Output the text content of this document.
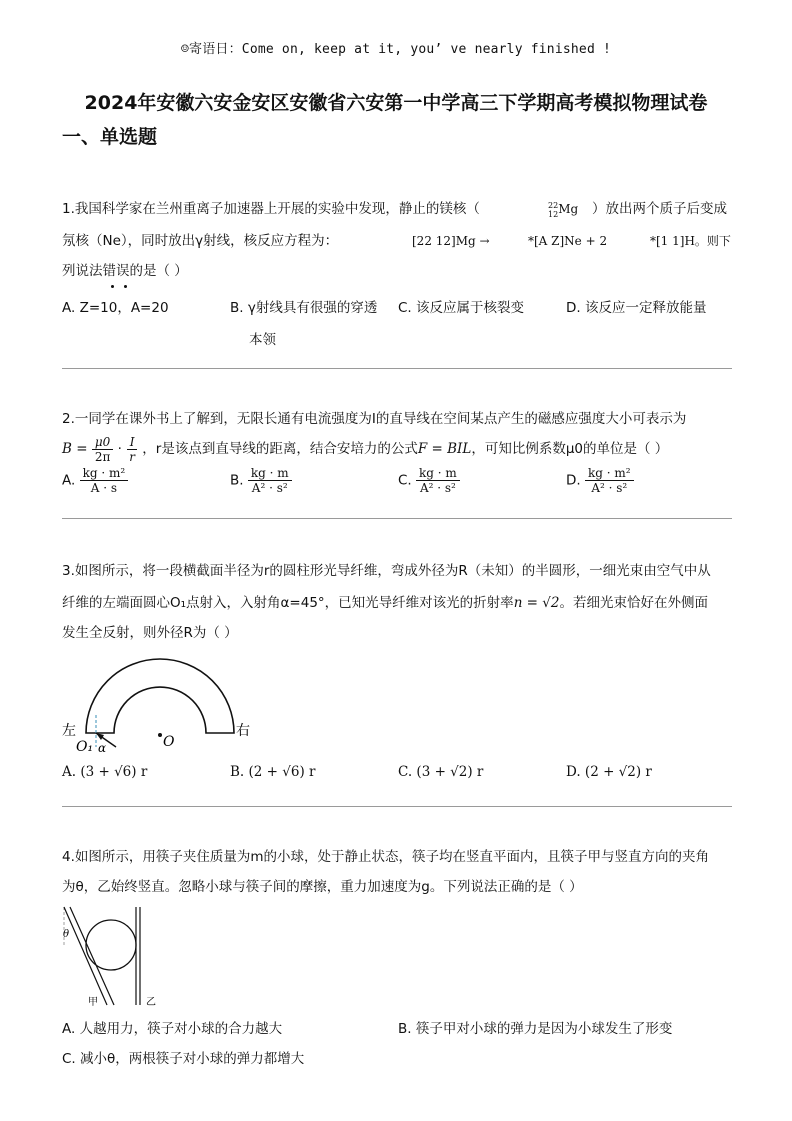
☺寄语日：Come on, keep at it, you’ ve nearly finished !
2024年安徽六安金安区安徽省六安第一中学高三下学期高考模拟物理试卷
一、单选题
1.我国科学家在兰州重离子加速器上开展的实验中发现，静止的镁核（	22
12 Mg ）放出两个质子后变成
氖核（Ne），同时放出γ射线，核反应方程为：	[22 12]Mg →	*[A Z]Ne + 2	*[1 1]H。则下
列说法错误的是（ ）
A. Z=10，A=20	B. γ射线具有很强的穿透
本领
C. 该反应属于核裂变	D. 该反应一定释放能量
2.一同学在课外书上了解到，无限长通有电流强度为I的直导线在空间某点产生的磁感应强度大小可表示为
$B = \frac{\mu 0}{2\pi} \cdot \frac{I}{r}$ ，r是该点到直导线的距离，结合安培力的公式F = BIL，可知比例系数μ0的单位是（ ）
A. $\frac{\text{kg · m²}}{A \cdot s}$	B. $\frac{kg \cdot m}{\text{A² · s²}}$	C. $\frac{kg \cdot m}{\text{A² · s²}}$	D. $\frac{\text{kg · m²}}{\text{A² · s²}}$
3.如图所示，将一段横截面半径为r的圆柱形光导纤维，弯成外径为R（未知）的半圆形，一细光束由空气中从
纤维的左端面圆心O₁点射入，入射角α=45°，已知光导纤维对该光的折射率n = √2。若细光束恰好在外侧面
发生全反射，则外径R为（ ）
左	右
O₁ α	O
A. (3 + √6) r	B. (2 + √6) r	C. (3 + √2) r	D. (2 + √2) r
4.如图所示，用筷子夹住质量为m的小球，处于静止状态，筷子均在竖直平面内，且筷子甲与竖直方向的夹角
为θ，乙始终竖直。忽略小球与筷子间的摩擦，重力加速度为g。下列说法正确的是（ ）
θ
甲	乙
A. 人越用力，筷子对小球的合力越大	B. 筷子甲对小球的弹力是因为小球发生了形变
C. 减小θ，两根筷子对小球的弹力都增大
